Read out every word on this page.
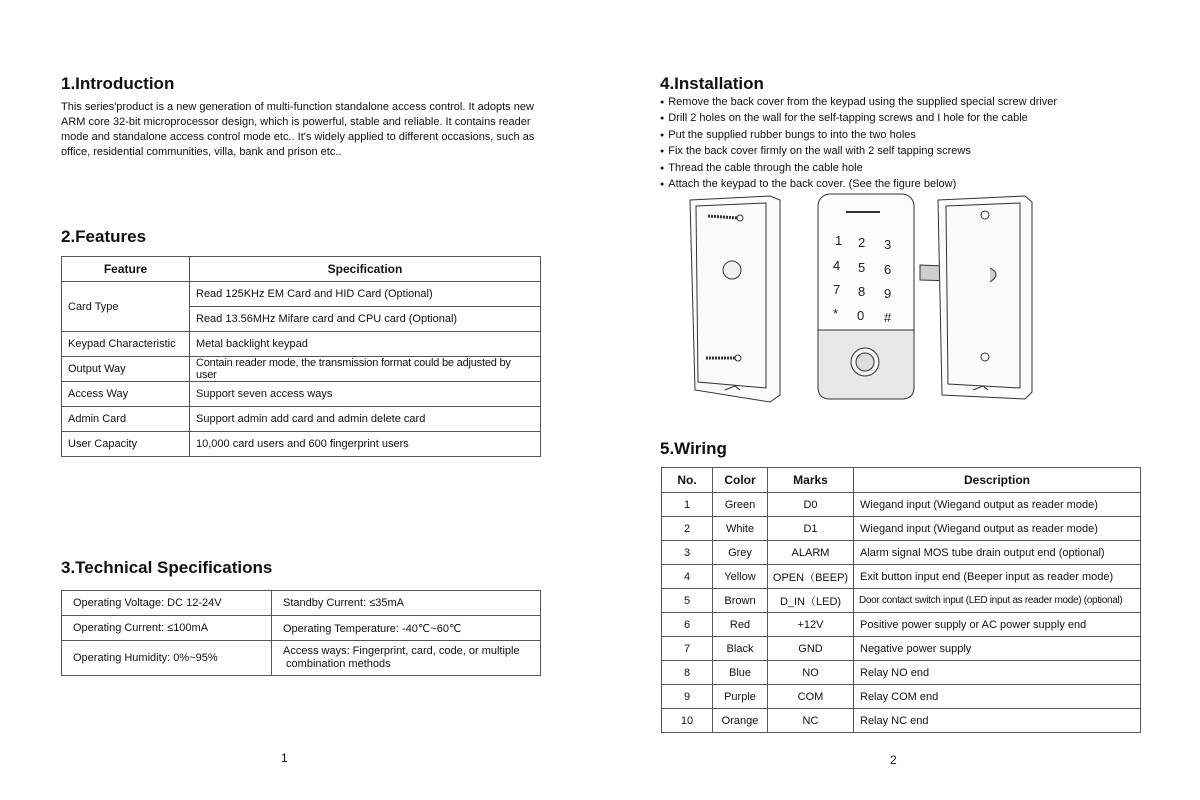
1.Introduction
This series'product is a new generation of multi-function standalone access control. It adopts new
ARM core 32-bit microprocessor design, which is powerful, stable and reliable. It contains reader
mode and standalone access control mode etc.. It's widely applied to different occasions, such as
office, residential communities, villa, bank and prison etc..
2.Features
Feature	Specification
Card Type	Read 125KHz EM Card and HID Card (Optional)
	Read 13.56MHz Mifare card and CPU card (Optional)
Keypad Characteristic	Metal backlight keypad
Output Way	Contain reader mode, the transmission format could be adjusted by user
Access Way	Support seven access ways
Admin Card	Support admin add card and admin delete card
User Capacity	10,000 card users and 600 fingerprint users
3.Technical Specifications
Operating Voltage: DC 12-24V	Standby Current: ≤35mA
Operating Current: ≤100mA	Operating Temperature: -40℃~60℃
Operating Humidity: 0%~95%	Access ways: Fingerprint, card, code, or multiple
combination methods
1
4.Installation
● Remove the back cover from the keypad using the supplied special screw driver
● Drill 2 holes on the wall for the self-tapping screws and I hole for the cable
● Put the supplied rubber bungs to into the two holes
● Fix the back cover firmly on the wall with 2 self tapping screws
● Thread the cable through the cable hole
● Attach the keypad to the back cover. (See the figure below)
1 2 3
4 5 6
7 8 9
* 0 #
5.Wiring
No.	Color	Marks	Description
1	Green	D0	Wiegand input (Wiegand output as reader mode)
2	White	D1	Wiegand input (Wiegand output as reader mode)
3	Grey	ALARM	Alarm signal MOS tube drain output end (optional)
4	Yellow	OPEN（BEEP)	Exit button input end (Beeper input as reader mode)
5	Brown	D_IN（LED)	Door contact switch input (LED input as reader mode) (optional)
6	Red	+12V	Positive power supply or AC power supply end
7	Black	GND	Negative power supply
8	Blue	NO	Relay NO end
9	Purple	COM	Relay COM end
10	Orange	NC	Relay NC end
2
